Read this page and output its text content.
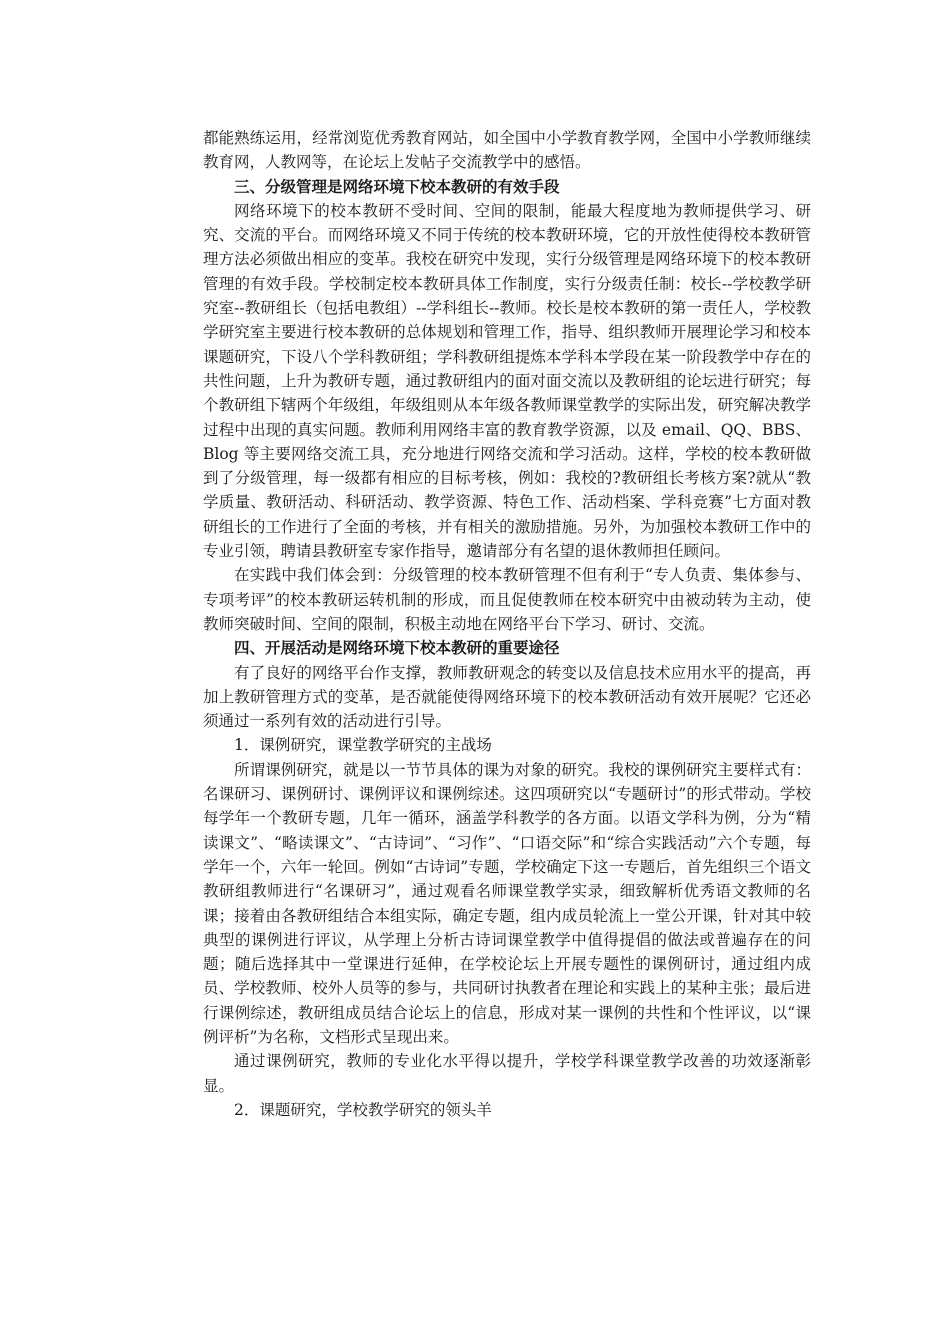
都能熟练运用，经常浏览优秀教育网站，如全国中小学教育教学网，全国中小学教师继续教育网，人教网等，在论坛上发帖子交流教学中的感悟。

三、分级管理是网络环境下校本教研的有效手段

网络环境下的校本教研不受时间、空间的限制，能最大程度地为教师提供学习、研究、交流的平台。而网络环境又不同于传统的校本教研环境，它的开放性使得校本教研管理方法必须做出相应的变革。我校在研究中发现，实行分级管理是网络环境下的校本教研管理的有效手段。学校制定校本教研具体工作制度，实行分级责任制：校长--学校教学研究室--教研组长（包括电教组）--学科组长--教师。校长是校本教研的第一责任人，学校教学研究室主要进行校本教研的总体规划和管理工作，指导、组织教师开展理论学习和校本课题研究，下设八个学科教研组；学科教研组提炼本学科本学段在某一阶段教学中存在的共性问题，上升为教研专题，通过教研组内的面对面交流以及教研组的论坛进行研究；每个教研组下辖两个年级组，年级组则从本年级各教师课堂教学的实际出发，研究解决教学过程中出现的真实问题。教师利用网络丰富的教育教学资源，以及 email、QQ、BBS、Blog 等主要网络交流工具，充分地进行网络交流和学习活动。这样，学校的校本教研做到了分级管理，每一级都有相应的目标考核，例如：我校的?教研组长考核方案?就从“教学质量、教研活动、科研活动、教学资源、特色工作、活动档案、学科竞赛”七方面对教研组长的工作进行了全面的考核，并有相关的激励措施。另外，为加强校本教研工作中的专业引领，聘请县教研室专家作指导，邀请部分有名望的退休教师担任顾问。

在实践中我们体会到：分级管理的校本教研管理不但有利于“专人负责、集体参与、专项考评”的校本教研运转机制的形成，而且促使教师在校本研究中由被动转为主动，使教师突破时间、空间的限制，积极主动地在网络平台下学习、研讨、交流。

四、开展活动是网络环境下校本教研的重要途径

有了良好的网络平台作支撑，教师教研观念的转变以及信息技术应用水平的提高，再加上教研管理方式的变革，是否就能使得网络环境下的校本教研活动有效开展呢？它还必须通过一系列有效的活动进行引导。

1．课例研究，课堂教学研究的主战场

所谓课例研究，就是以一节节具体的课为对象的研究。我校的课例研究主要样式有：名课研习、课例研讨、课例评议和课例综述。这四项研究以“专题研讨”的形式带动。学校每学年一个教研专题，几年一循环，涵盖学科教学的各方面。以语文学科为例，分为“精读课文”、“略读课文”、“古诗词”、“习作”、“口语交际”和“综合实践活动”六个专题，每学年一个，六年一轮回。例如“古诗词”专题，学校确定下这一专题后，首先组织三个语文教研组教师进行“名课研习”，通过观看名师课堂教学实录，细致解析优秀语文教师的名课；接着由各教研组结合本组实际，确定专题，组内成员轮流上一堂公开课，针对其中较典型的课例进行评议，从学理上分析古诗词课堂教学中值得提倡的做法或普遍存在的问题；随后选择其中一堂课进行延伸，在学校论坛上开展专题性的课例研讨，通过组内成员、学校教师、校外人员等的参与，共同研讨执教者在理论和实践上的某种主张；最后进行课例综述，教研组成员结合论坛上的信息，形成对某一课例的共性和个性评议，以“课例评析”为名称，文档形式呈现出来。

通过课例研究，教师的专业化水平得以提升，学校学科课堂教学改善的功效逐渐彰显。

2．课题研究，学校教学研究的领头羊
